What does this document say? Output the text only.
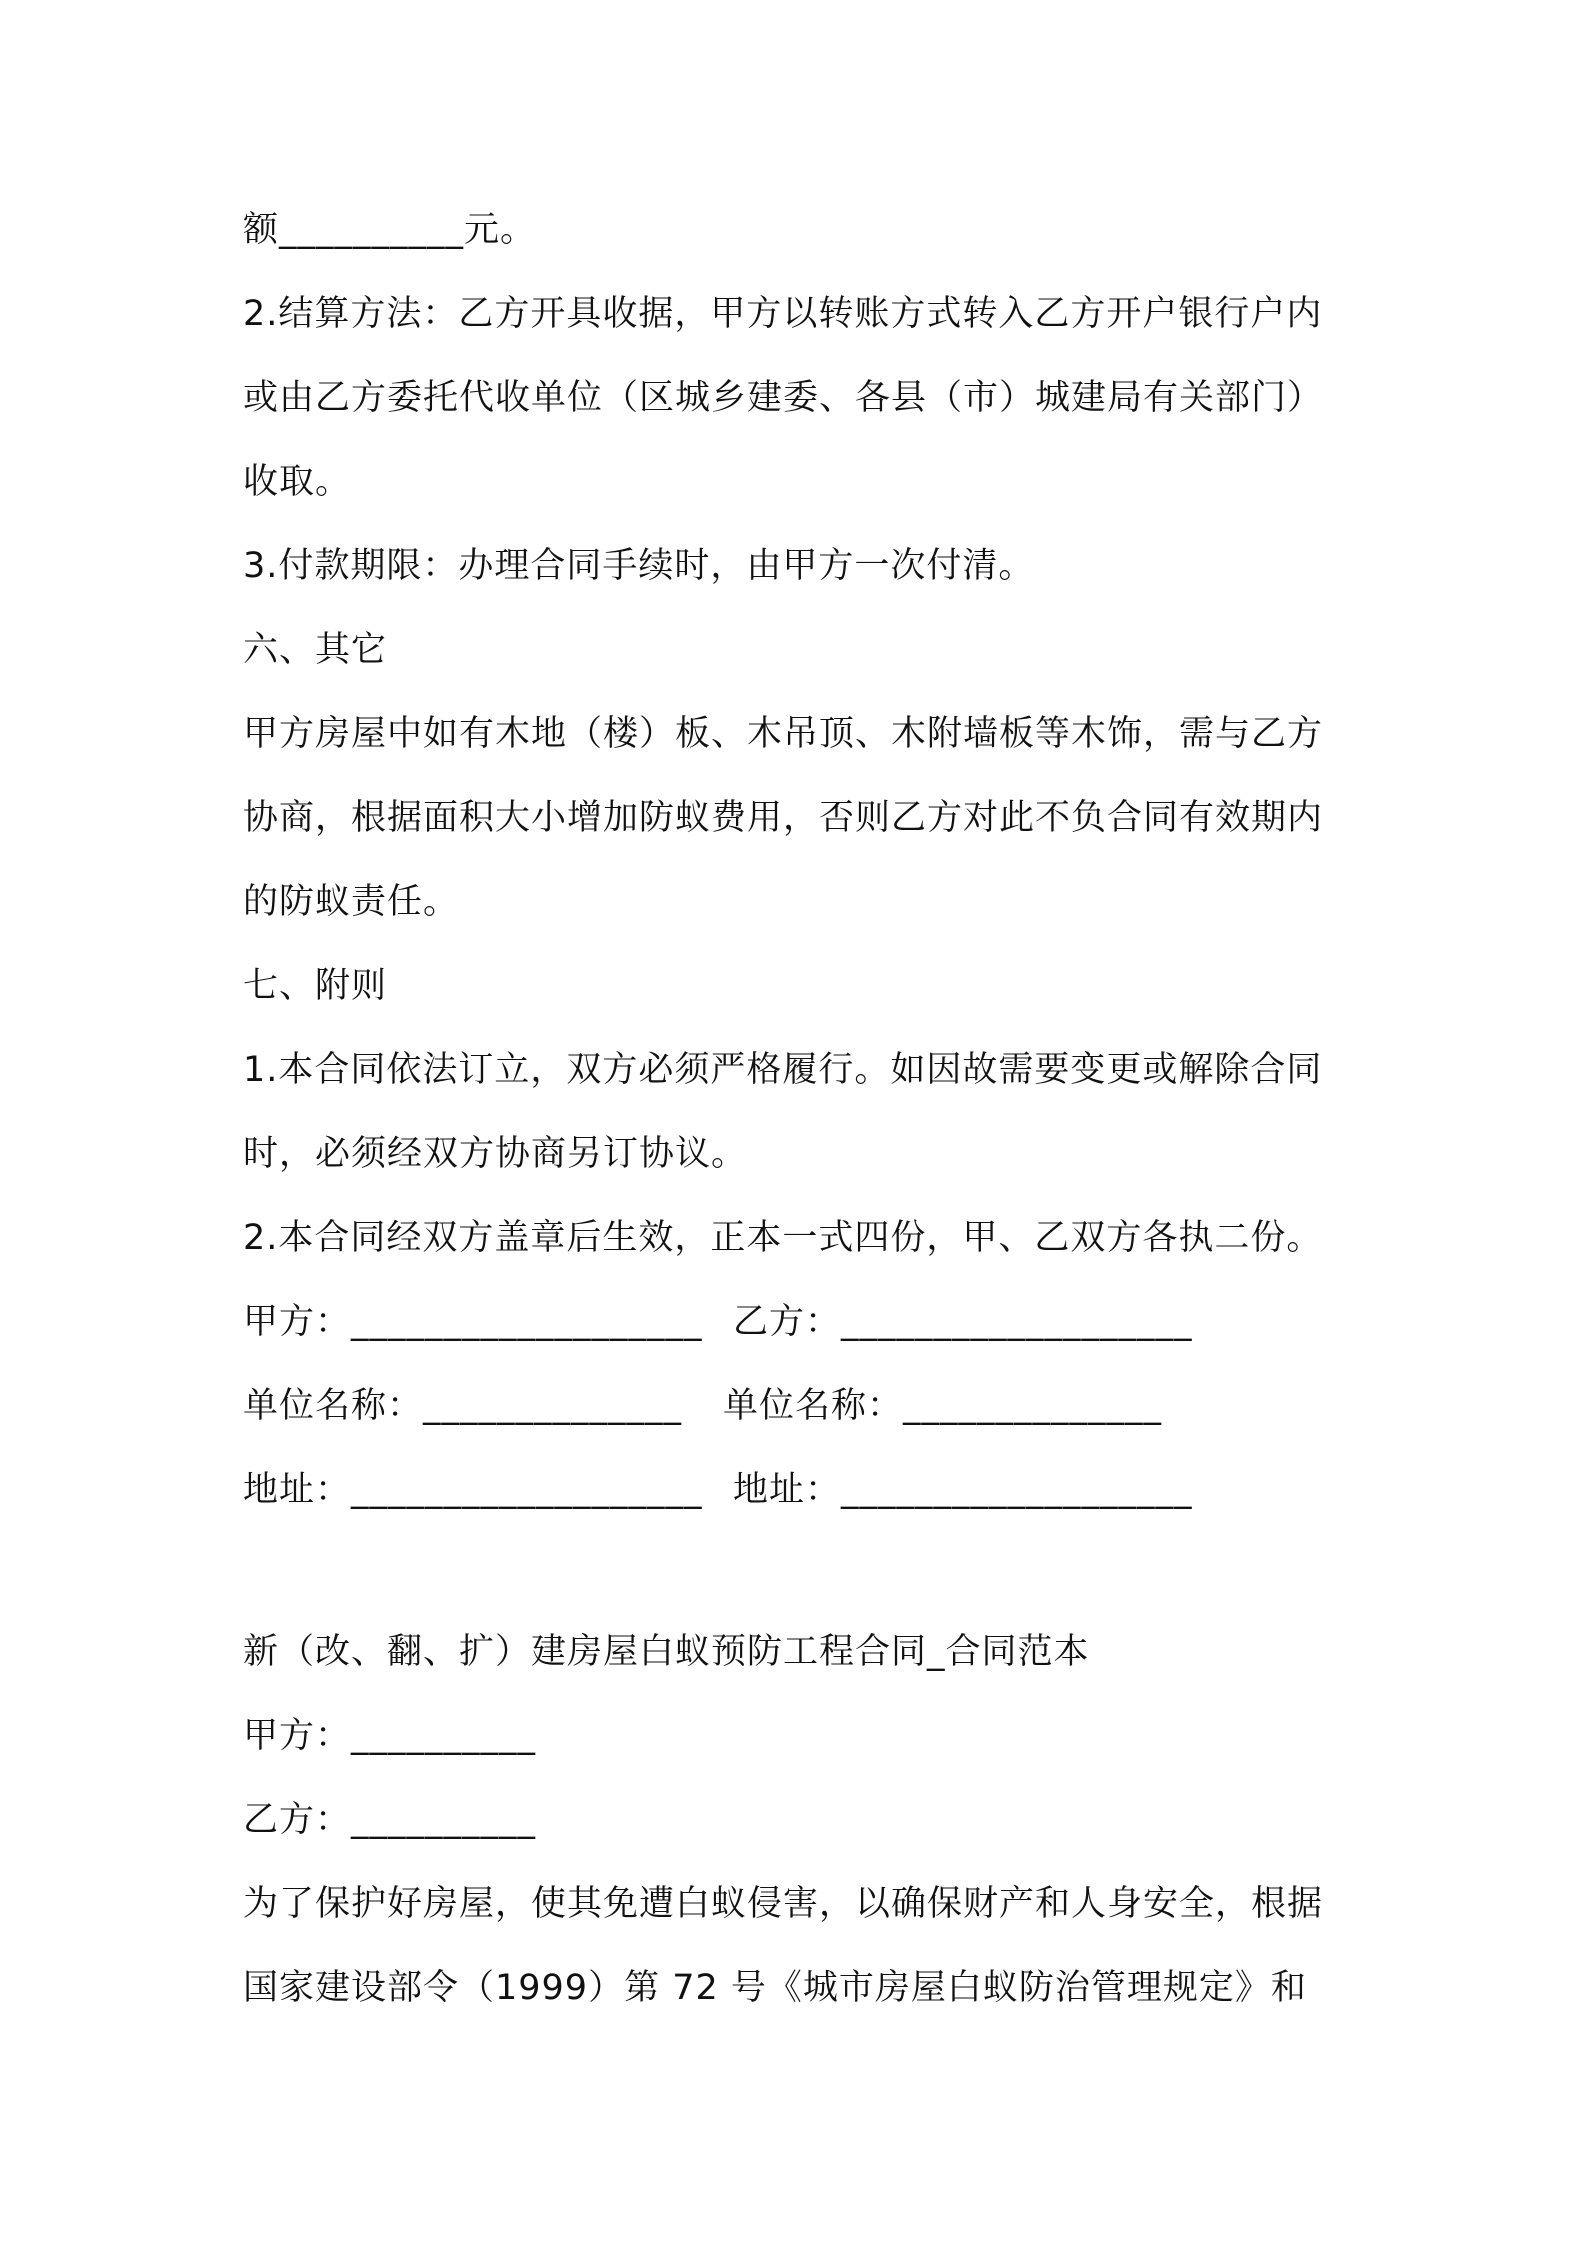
额__________元。
2.结算方法：乙方开具收据，甲方以转账方式转入乙方开户银行户内
或由乙方委托代收单位（区城乡建委、各县（市）城建局有关部门）
收取。
3.付款期限：办理合同手续时，由甲方一次付清。
六、其它
甲方房屋中如有木地（楼）板、木吊顶、木附墙板等木饰，需与乙方
协商，根据面积大小增加防蚁费用，否则乙方对此不负合同有效期内
的防蚁责任。
七、附则
1.本合同依法订立，双方必须严格履行。如因故需要变更或解除合同
时，必须经双方协商另订协议。
2.本合同经双方盖章后生效，正本一式四份，甲、乙双方各执二份。
甲方：___________________ 乙方：___________________
单位名称：______________ 单位名称：______________
地址：___________________ 地址：___________________
新（改、翻、扩）建房屋白蚁预防工程合同_合同范本
甲方：__________
乙方：__________
为了保护好房屋，使其免遭白蚁侵害，以确保财产和人身安全，根据
国家建设部令（1999）第 72 号《城市房屋白蚁防治管理规定》和
